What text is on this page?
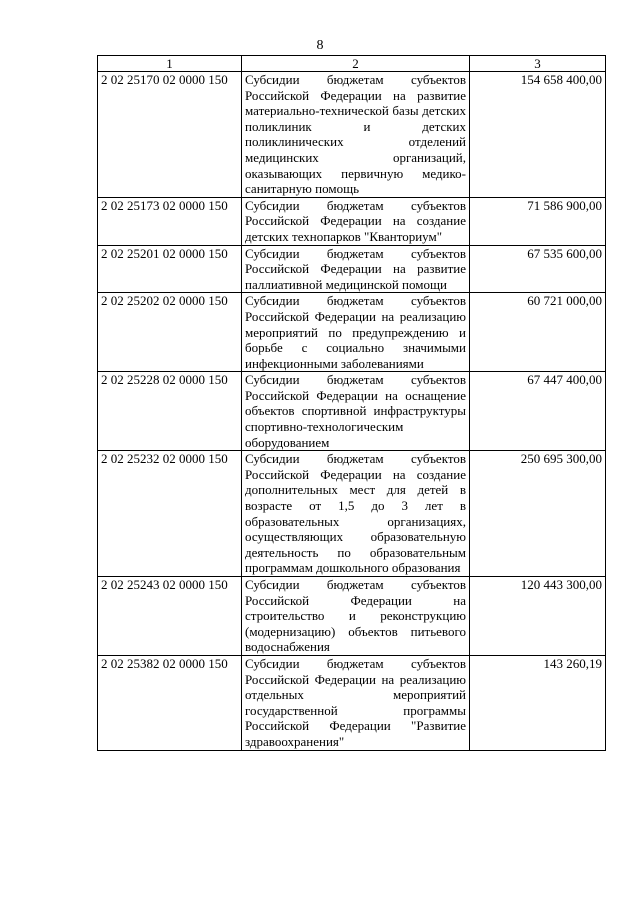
8
1	2	3
2 02 25170 02 0000 150	Субсидии бюджетам субъектов Российской Федерации на развитие материально-технической базы детских поликлиник и детских поликлинических отделений медицинских организаций, оказывающих первичную медико-санитарную помощь	154 658 400,00
2 02 25173 02 0000 150	Субсидии бюджетам субъектов Российской Федерации на создание детских технопарков "Кванториум"	71 586 900,00
2 02 25201 02 0000 150	Субсидии бюджетам субъектов Российской Федерации на развитие паллиативной медицинской помощи	67 535 600,00
2 02 25202 02 0000 150	Субсидии бюджетам субъектов Российской Федерации на реализацию мероприятий по предупреждению и борьбе с социально значимыми инфекционными заболеваниями	60 721 000,00
2 02 25228 02 0000 150	Субсидии бюджетам субъектов Российской Федерации на оснащение объектов спортивной инфраструктуры спортивно-технологическим оборудованием	67 447 400,00
2 02 25232 02 0000 150	Субсидии бюджетам субъектов Российской Федерации на создание дополнительных мест для детей в возрасте от 1,5 до 3 лет в образовательных организациях, осуществляющих образовательную деятельность по образовательным программам дошкольного образования	250 695 300,00
2 02 25243 02 0000 150	Субсидии бюджетам субъектов Российской Федерации на строительство и реконструкцию (модернизацию) объектов питьевого водоснабжения	120 443 300,00
2 02 25382 02 0000 150	Субсидии бюджетам субъектов Российской Федерации на реализацию отдельных мероприятий государственной программы Российской Федерации "Развитие здравоохранения"	143 260,19
